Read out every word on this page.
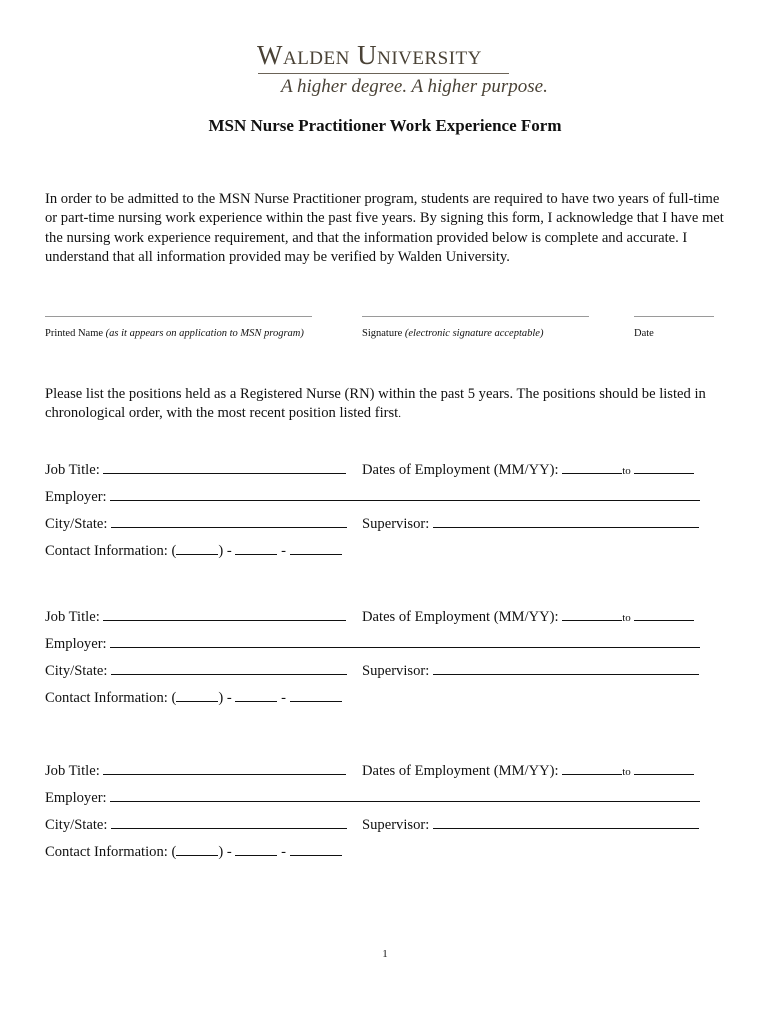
Walden University
A higher degree. A higher purpose.
MSN Nurse Practitioner Work Experience Form
In order to be admitted to the MSN Nurse Practitioner program, students are required to have two years of full-time or part-time nursing work experience within the past five years. By signing this form, I acknowledge that I have met the nursing work experience requirement, and that the information provided below is complete and accurate. I understand that all information provided may be verified by Walden University.
Printed Name (as it appears on application to MSN program)	Signature (electronic signature acceptable)	Date
Please list the positions held as a Registered Nurse (RN) within the past 5 years. The positions should be listed in chronological order, with the most recent position listed first.
Job Title:	Dates of Employment (MM/YY):	to
Employer:
City/State:	Supervisor:
Contact Information: (	) -	-
Job Title:	Dates of Employment (MM/YY):	to
Employer:
City/State:	Supervisor:
Contact Information: (	) -	-
Job Title:	Dates of Employment (MM/YY):	to
Employer:
City/State:	Supervisor:
Contact Information: (	) -	-
1
